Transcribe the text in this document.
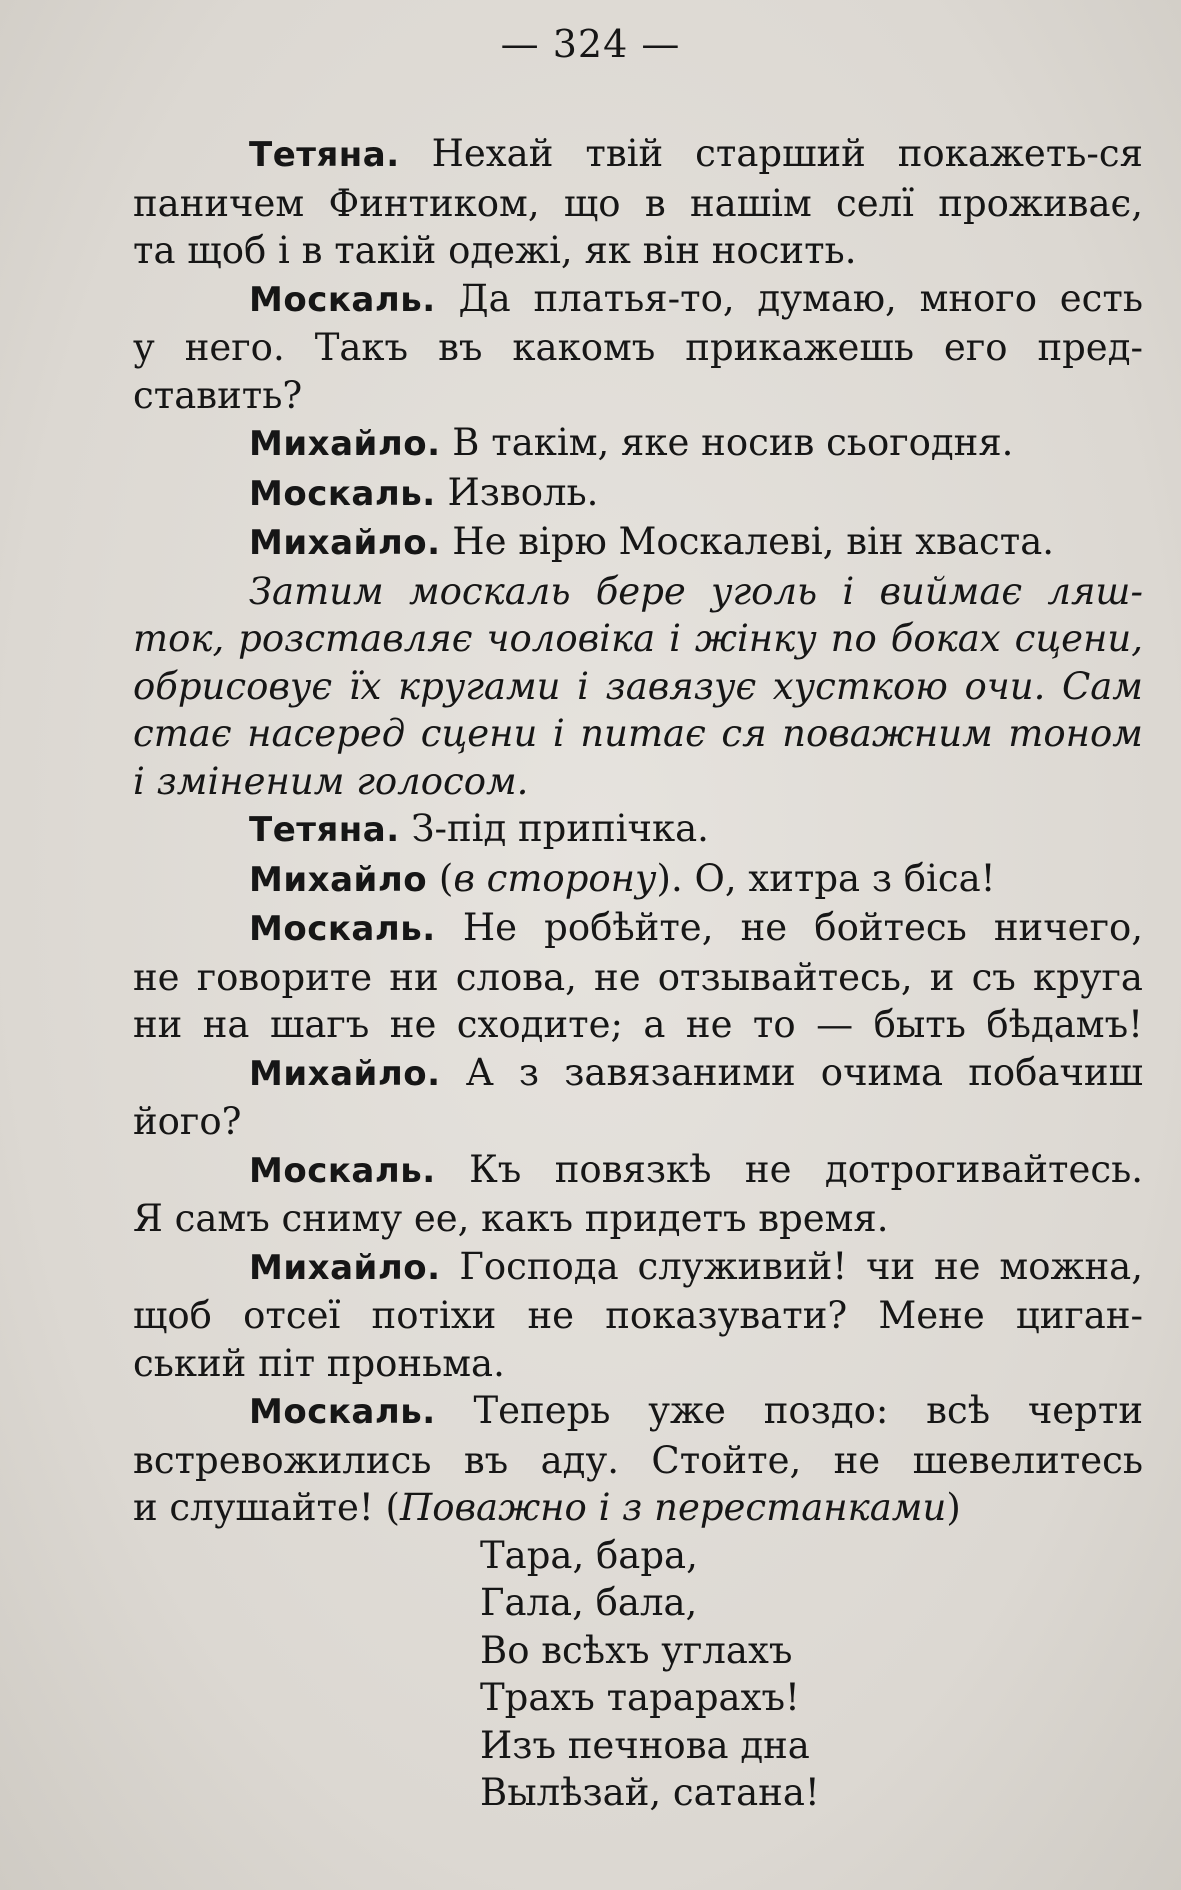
— 324 —

Тетяна. Нехай твій старший покажеть-ся

паничем Финтиком, що в нашім селї проживає,

та щоб і в такій одежі, як він носить.

Москаль. Да платья-то, думаю, много есть

у него. Такъ въ какомъ прикажешь его пред-

ставить?

Михайло. В такім, яке носив сьогодня.

Москаль. Изволь.

Михайло. Не вірю Москалеві, він хваста.

Затим москаль бере уголь і виймає ляш-

ток, розставляє чоловіка і жінку по боках сцени,

обрисовує їх кругами і завязує хусткою очи. Сам

стає насеред сцени і питає ся поважним тоном

і зміненим голосом.

Тетяна. З-під припічка.

Михайло (в сторону). О, хитра з біса!

Москаль. Не робѣйте, не бойтесь ничего,

не говорите ни слова, не отзывайтесь, и съ круга

ни на шагъ не сходите; а не то — быть бѣдамъ!

Михайло. А з завязаними очима побачиш

його?

Москаль. Къ повязкѣ не дотрогивайтесь.

Я самъ сниму ее, какъ придетъ время.

Михайло. Господа служивий! чи не можна,

щоб отсеї потіхи не показувати? Мене циган-

ський піт проньма.

Москаль. Теперь уже поздо: всѣ черти

встревожились въ аду. Стойте, не шевелитесь

и слушайте! (Поважно і з перестанками)

Тара, бара,

Гала, бала,

Во всѣхъ углахъ

Трахъ тарарахъ!

Изъ печнова дна

Вылѣзай, сатана!
